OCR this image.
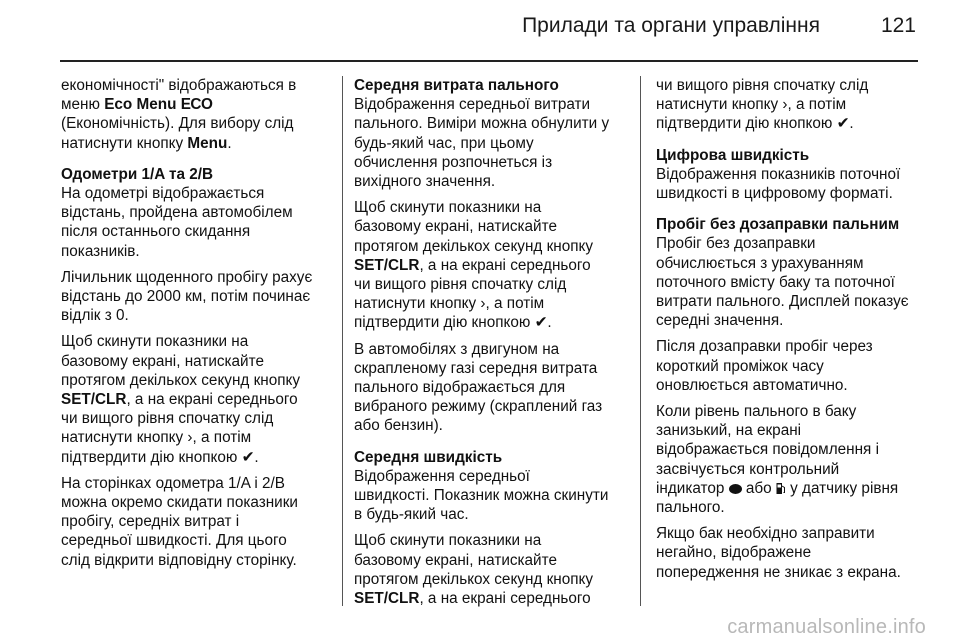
Прилади та органи управління	121

економічності" відображаються в
меню Eco Menu ECO
(Економічність). Для вибору слід
натиснути кнопку Menu.

Одометри 1/A та 2/B

На одометрі відображається
відстань, пройдена автомобілем
після останнього скидання
показників.

Лічильник щоденного пробігу рахує
відстань до 2000 км, потім починає
відлік з 0.

Щоб скинути показники на
базовому екрані, натискайте
протягом декількох секунд кнопку
SET/CLR, а на екрані середнього
чи вищого рівня спочатку слід
натиснути кнопку ›, а потім
підтвердити дію кнопкою ✔.

На сторінках одометра 1/A і 2/B
можна окремо скидати показники
пробігу, середніх витрат і
середньої швидкості. Для цього
слід відкрити відповідну сторінку.

Середня витрата пального

Відображення середньої витрати
пального. Виміри можна обнулити у
будь-який час, при цьому
обчислення розпочнеться із
вихідного значення.

Щоб скинути показники на
базовому екрані, натискайте
протягом декількох секунд кнопку
SET/CLR, а на екрані середнього
чи вищого рівня спочатку слід
натиснути кнопку ›, а потім
підтвердити дію кнопкою ✔.

В автомобілях з двигуном на
скрапленому газі середня витрата
пального відображається для
вибраного режиму (скраплений газ
або бензин).

Середня швидкість

Відображення середньої
швидкості. Показник можна скинути
в будь-який час.

Щоб скинути показники на
базовому екрані, натискайте
протягом декількох секунд кнопку
SET/CLR, а на екрані середнього

чи вищого рівня спочатку слід
натиснути кнопку ›, а потім
підтвердити дію кнопкою ✔.

Цифрова швидкість

Відображення показників поточної
швидкості в цифровому форматі.

Пробіг без дозаправки пальним

Пробіг без дозаправки
обчислюється з урахуванням
поточного вмісту баку та поточної
витрати пального. Дисплей показує
середні значення.

Після дозаправки пробіг через
короткий проміжок часу
оновлюється автоматично.

Коли рівень пального в баку
занизький, на екрані
відображається повідомлення і
засвічується контрольний
індикатор  або  у датчику рівня
пального.

Якщо бак необхідно заправити
негайно, відображене
попередження не зникає з екрана.

carmanualsonline.info
